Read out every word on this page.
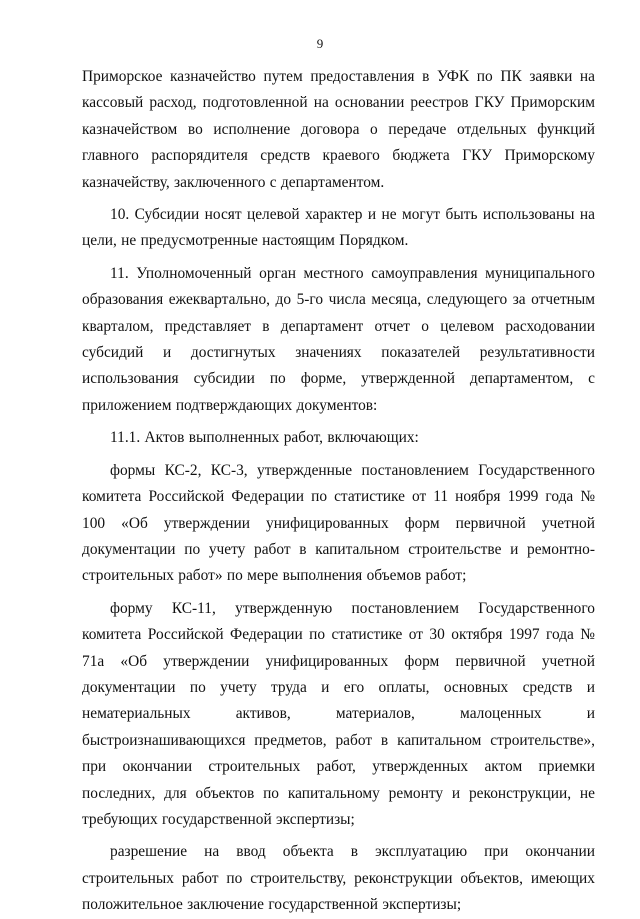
9

Приморское казначейство путем предоставления в УФК по ПК заявки на кассовый расход, подготовленной на основании реестров ГКУ Приморским казначейством во исполнение договора о передаче отдельных функций главного распорядителя средств краевого бюджета ГКУ Приморскому казначейству, заключенного с департаментом.

10. Субсидии носят целевой характер и не могут быть использованы на цели, не предусмотренные настоящим Порядком.

11. Уполномоченный орган местного самоуправления муниципального образования ежеквартально, до 5-го числа месяца, следующего за отчетным кварталом, представляет в департамент отчет о целевом расходовании субсидий и достигнутых значениях показателей результативности использования субсидии по форме, утвержденной департаментом, с приложением подтверждающих документов:

11.1. Актов выполненных работ, включающих:

формы КС-2, КС-3, утвержденные постановлением Государственного комитета Российской Федерации по статистике от 11 ноября 1999 года № 100 «Об утверждении унифицированных форм первичной учетной документации по учету работ в капитальном строительстве и ремонтно-строительных работ» по мере выполнения объемов работ;

форму КС-11, утвержденную постановлением Государственного комитета Российской Федерации по статистике от 30 октября 1997 года № 71а «Об утверждении унифицированных форм первичной учетной документации по учету труда и его оплаты, основных средств и нематериальных активов, материалов, малоценных и быстроизнашивающихся предметов, работ в капитальном строительстве», при окончании строительных работ, утвержденных актом приемки последних, для объектов по капитальному ремонту и реконструкции, не требующих государственной экспертизы;

разрешение на ввод объекта в эксплуатацию при окончании строительных работ по строительству, реконструкции объектов, имеющих положительное заключение государственной экспертизы;
